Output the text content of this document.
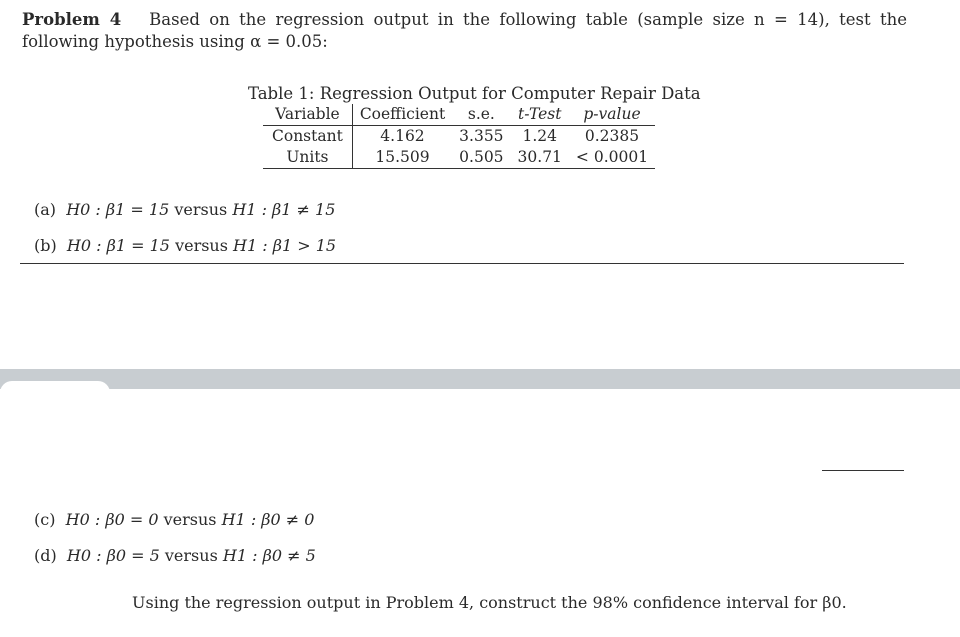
Problem 4 Based on the regression output in the following table (sample size n = 14), test the following hypothesis using α = 0.05:
Table 1: Regression Output for Computer Repair Data
Variable	Coefficient	s.e.	t-Test	p-value
Constant	4.162	3.355	1.24	0.2385
Units	15.509	0.505	30.71	< 0.0001
(a) H0 : β1 = 15 versus H1 : β1 ≠ 15
(b) H0 : β1 = 15 versus H1 : β1 > 15
(c) H0 : β0 = 0 versus H1 : β0 ≠ 0
(d) H0 : β0 = 5 versus H1 : β0 ≠ 5
Using the regression output in Problem 4, construct the 98% confidence interval for β0.
